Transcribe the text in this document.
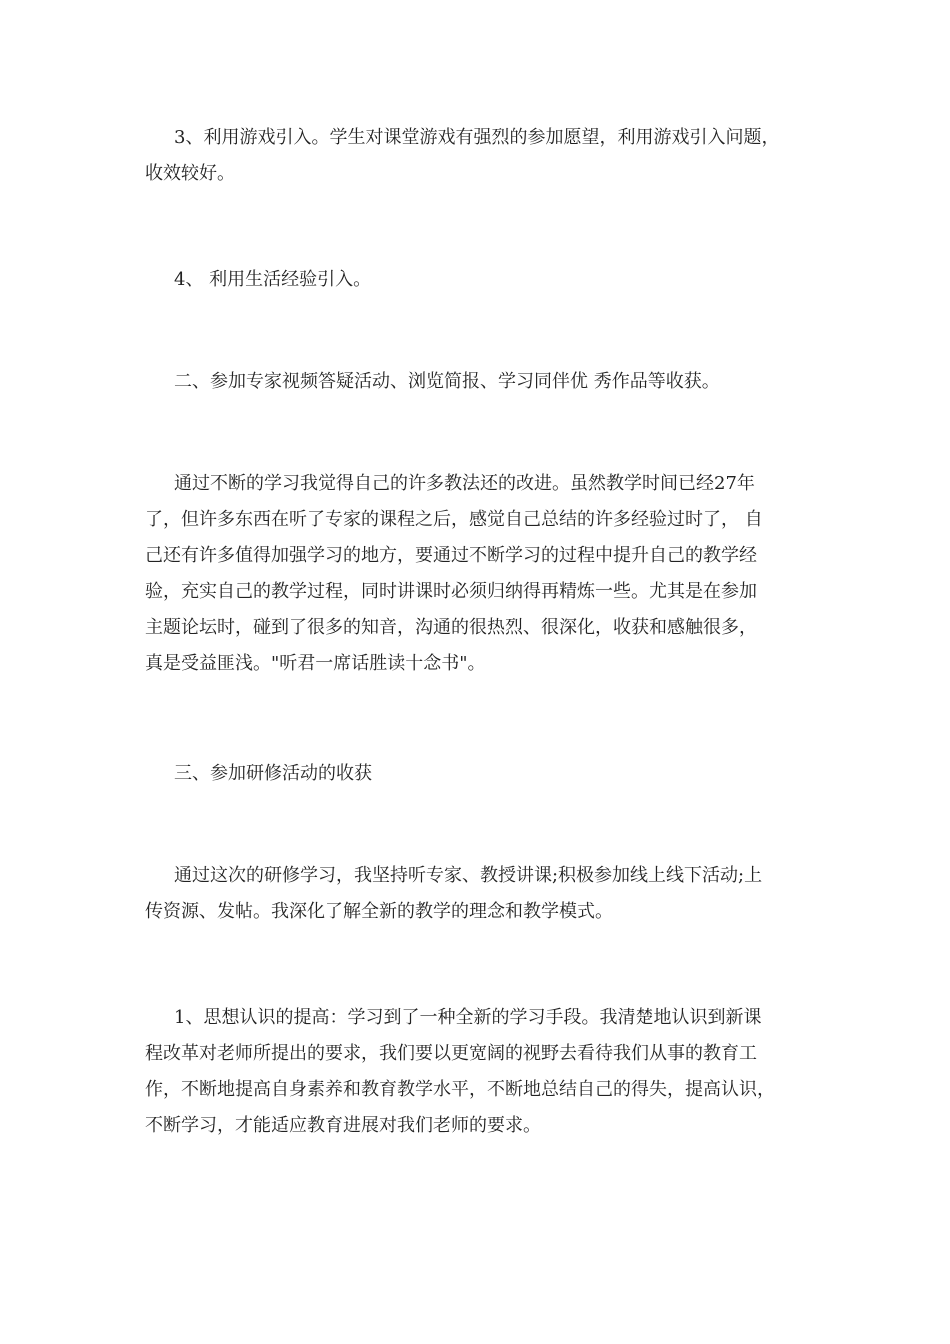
3、利用游戏引入。学生对课堂游戏有强烈的参加愿望，利用游戏引入问题，
收效较好。

4、 利用生活经验引入。

二、参加专家视频答疑活动、浏览简报、学习同伴优 秀作品等收获。

通过不断的学习我觉得自己的许多教法还的改进。虽然教学时间已经27年
了，但许多东西在听了专家的课程之后，感觉自己总结的许多经验过时了， 自
己还有许多值得加强学习的地方，要通过不断学习的过程中提升自己的教学经
验，充实自己的教学过程，同时讲课时必须归纳得再精炼一些。尤其是在参加
主题论坛时，碰到了很多的知音，沟通的很热烈、很深化，收获和感触很多，
真是受益匪浅。"听君一席话胜读十念书"。

三、参加研修活动的收获

通过这次的研修学习，我坚持听专家、教授讲课;积极参加线上线下活动;上
传资源、发帖。我深化了解全新的教学的理念和教学模式。

1、思想认识的提高：学习到了一种全新的学习手段。我清楚地认识到新课
程改革对老师所提出的要求，我们要以更宽阔的视野去看待我们从事的教育工
作，不断地提高自身素养和教育教学水平，不断地总结自己的得失，提高认识，
不断学习，才能适应教育进展对我们老师的要求。
